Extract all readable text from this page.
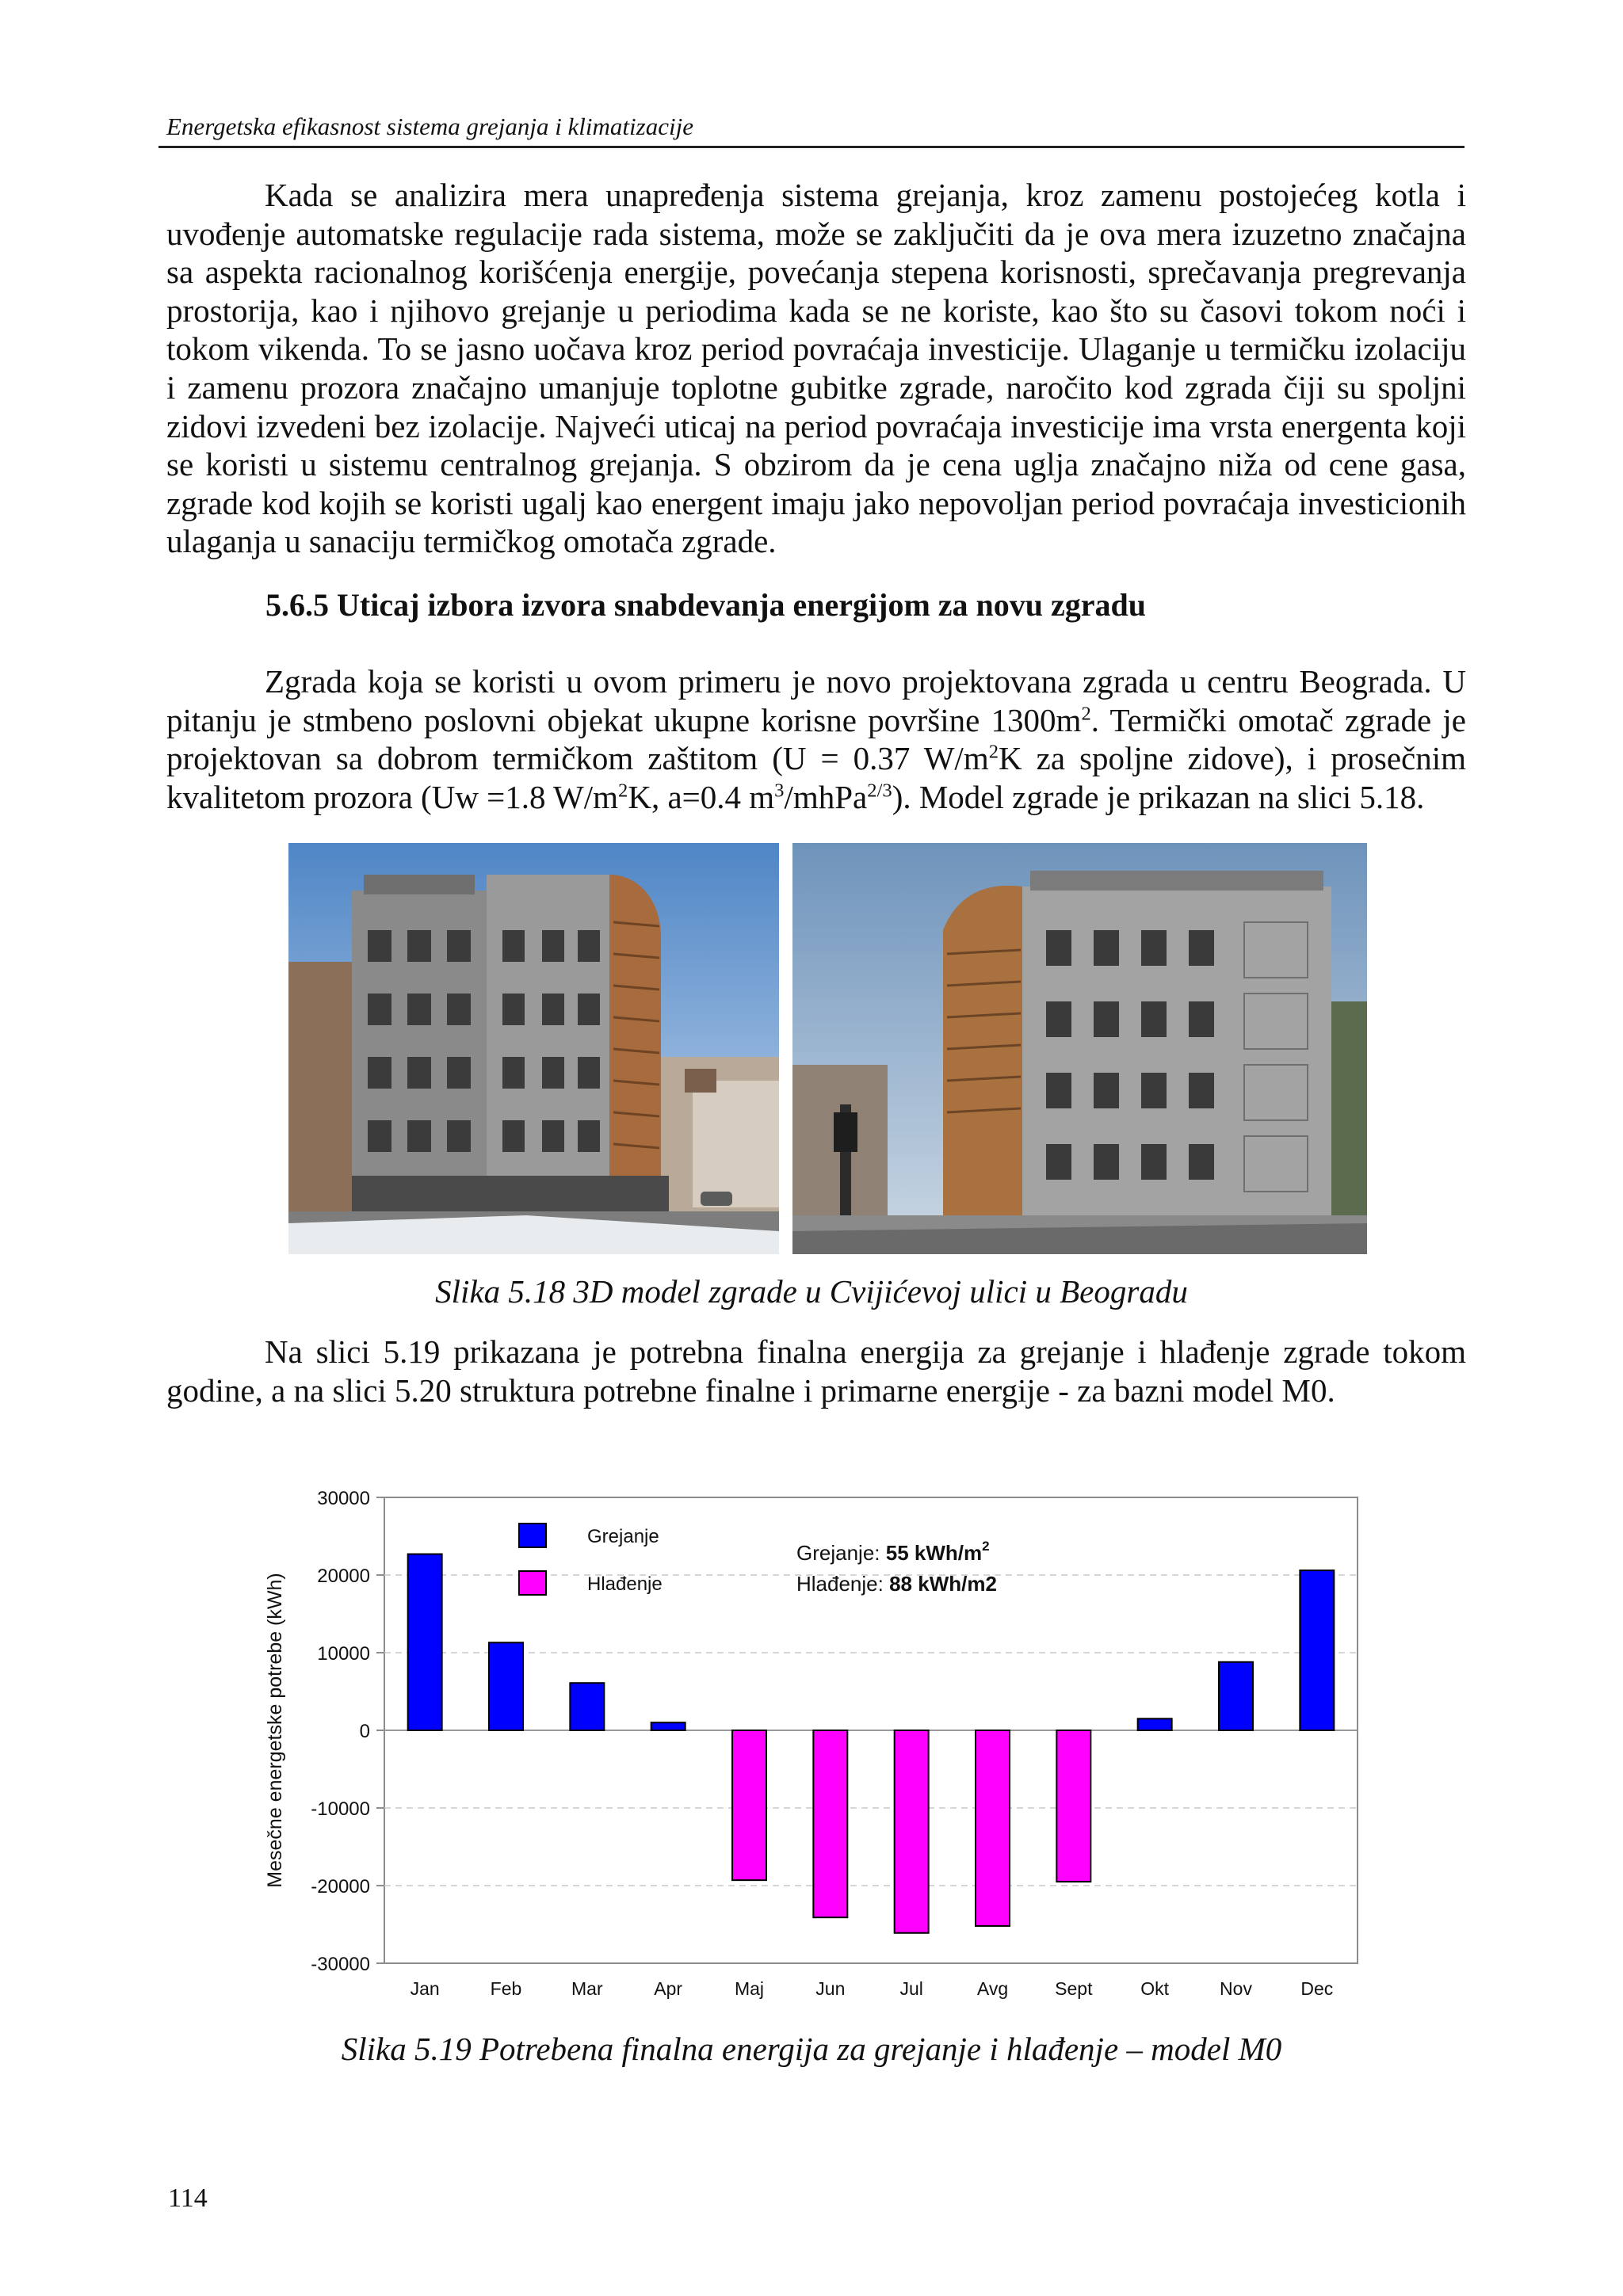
Energetska efikasnost sistema grejanja i klimatizacije

Kada se analizira mera unapređenja sistema grejanja, kroz zamenu postojećeg kotla i uvođenje automatske regulacije rada sistema, može se zaključiti da je ova mera izuzetno značajna sa aspekta racionalnog korišćenja energije, povećanja stepena korisnosti, sprečavanja pregrevanja prostorija, kao i njihovo grejanje u periodima kada se ne koriste, kao što su časovi tokom noći i tokom vikenda. To se jasno uočava kroz period povraćaja investicije. Ulaganje u termičku izolaciju i zamenu prozora značajno umanjuje toplotne gubitke zgrade, naročito kod zgrada čiji su spoljni zidovi izvedeni bez izolacije. Najveći uticaj na period povraćaja investicije ima vrsta energenta koji se koristi u sistemu centralnog grejanja. S obzirom da je cena uglja značajno niža od cene gasa, zgrade kod kojih se koristi ugalj kao energent imaju jako nepovoljan period povraćaja investicionih ulaganja u sanaciju termičkog omotača zgrade.

5.6.5 Uticaj izbora izvora snabdevanja energijom za novu zgradu

Zgrada koja se koristi u ovom primeru je novo projektovana zgrada u centru Beograda. U pitanju je stmbeno poslovni objekat ukupne korisne površine $1300m^2$. Termički omotač zgrade je projektovan sa dobrom termičkom zaštitom (U = 0.37 $W/m^2K$ za spoljne zidove), i prosečnim kvalitetom prozora (Uw =1.8 $W/m^2K$, a=0.4 $m^3/mhPa^{2/3}$). Model zgrade je prikazan na slici 5.18.

Slika 5.18 3D model zgrade u Cvijićevoj ulici u Beogradu

Na slici 5.19 prikazana je potrebna finalna energija za grejanje i hlađenje zgrade tokom godine, a na slici 5.20 struktura potrebne finalne i primarne energije - za bazni model M0.

30000
20000
10000
0
-10000
-20000
-30000
Jan	Feb	Mar	Apr	Maj	Jun	Jul	Avg	Sept	Okt	Nov	Dec
Mesečne energetske potrebe (kWh)
Grejanje
Hlađenje
Grejanje: 55 kWh/$m^2$
Hlađenje: 88 kWh/m2
Slika 5.19 Potrebena finalna energija za grejanje i hlađenje – model M0
114
